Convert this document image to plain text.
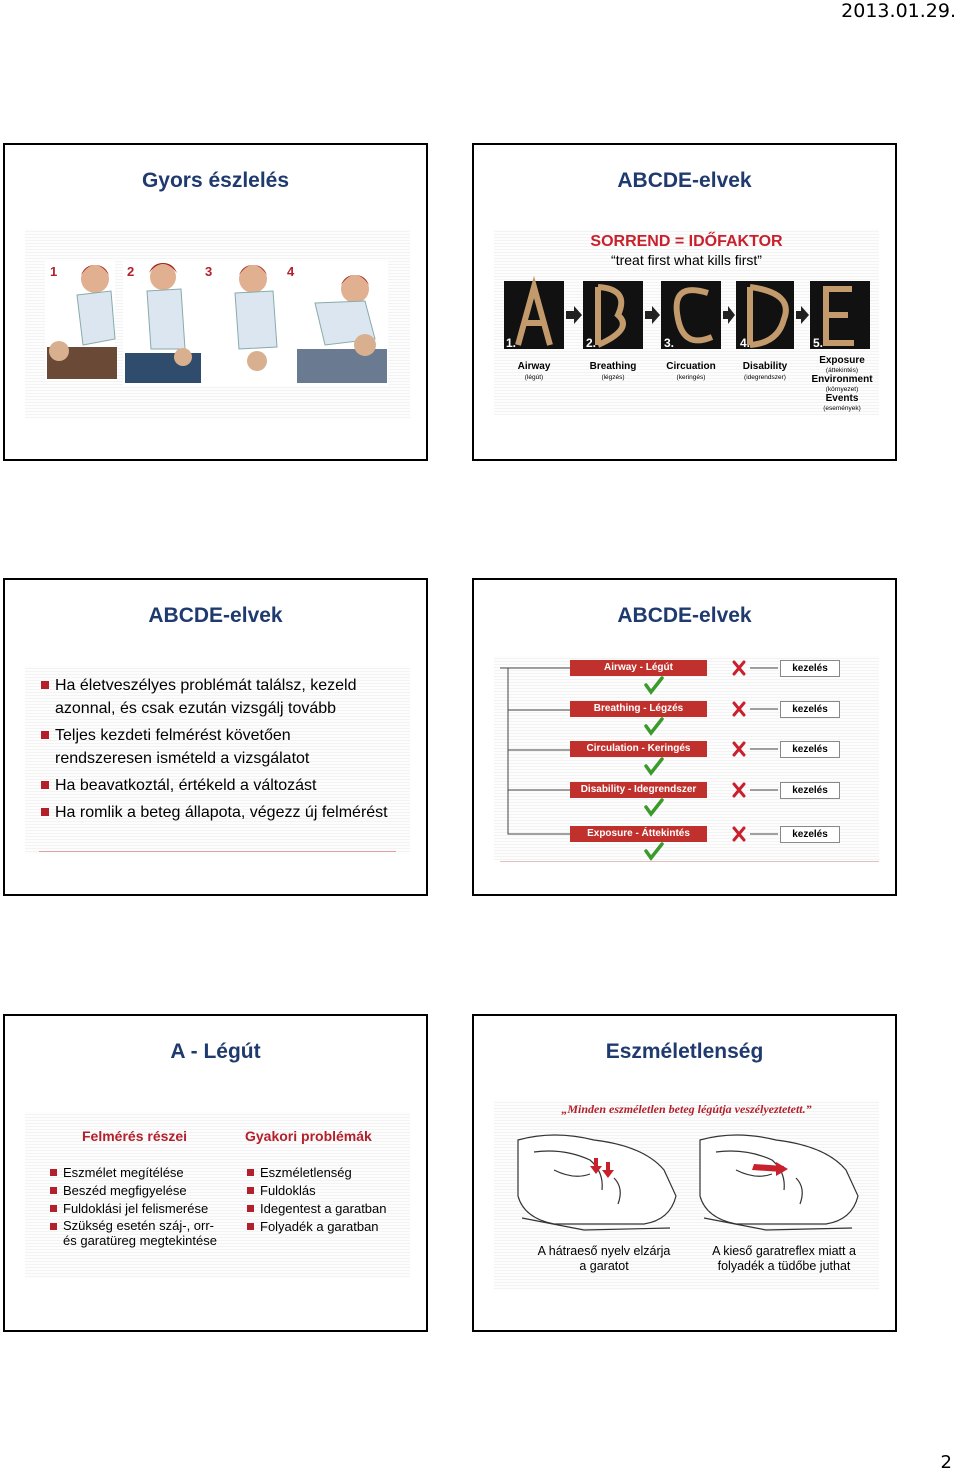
2013.01.29.
Gyors észlelés
1	2	3	4
ABCDE-elvek
SORREND = IDŐFAKTOR
“treat first what kills first”
1.	2.	3.	4.	5.
Airway
(légút)
Breathing
(légzés)
Circuation
(keringés)
Disability
(idegrendszer)
Exposure
(áttekintés)
Environment
(környezet)
Events
(események)
ABCDE-elvek

Ha életveszélyes problémát találsz, kezeld azonnal, és csak ezután vizsgálj tovább

Teljes kezdeti felmérést követően rendszeresen ismételd a vizsgálatot

Ha beavatkoztál, értékeld a változást

Ha romlik a beteg állapota, végezz új felmérést

ABCDE-elvek
Airway - Légút
Breathing - Légzés
Circulation - Keringés
Disability - Idegrendszer
Exposure - Áttekintés
kezelés
kezelés
kezelés
kezelés
kezelés
A - Légút
Felmérés részei	Gyakori problémák

Eszmélet megítélése

Beszéd megfigyelése

Fuldoklási jel felismerése

Szükség esetén száj-, orr- és garatüreg megtekintése

Eszméletlenség

Fuldoklás

Idegentest a garatban

Folyadék a garatban

Eszméletlenség
„Minden eszméletlen beteg légútja veszélyeztetett.”
A hátraeső nyelv elzárja a garatot
A kieső garatreflex miatt a folyadék a tüdőbe juthat
2
